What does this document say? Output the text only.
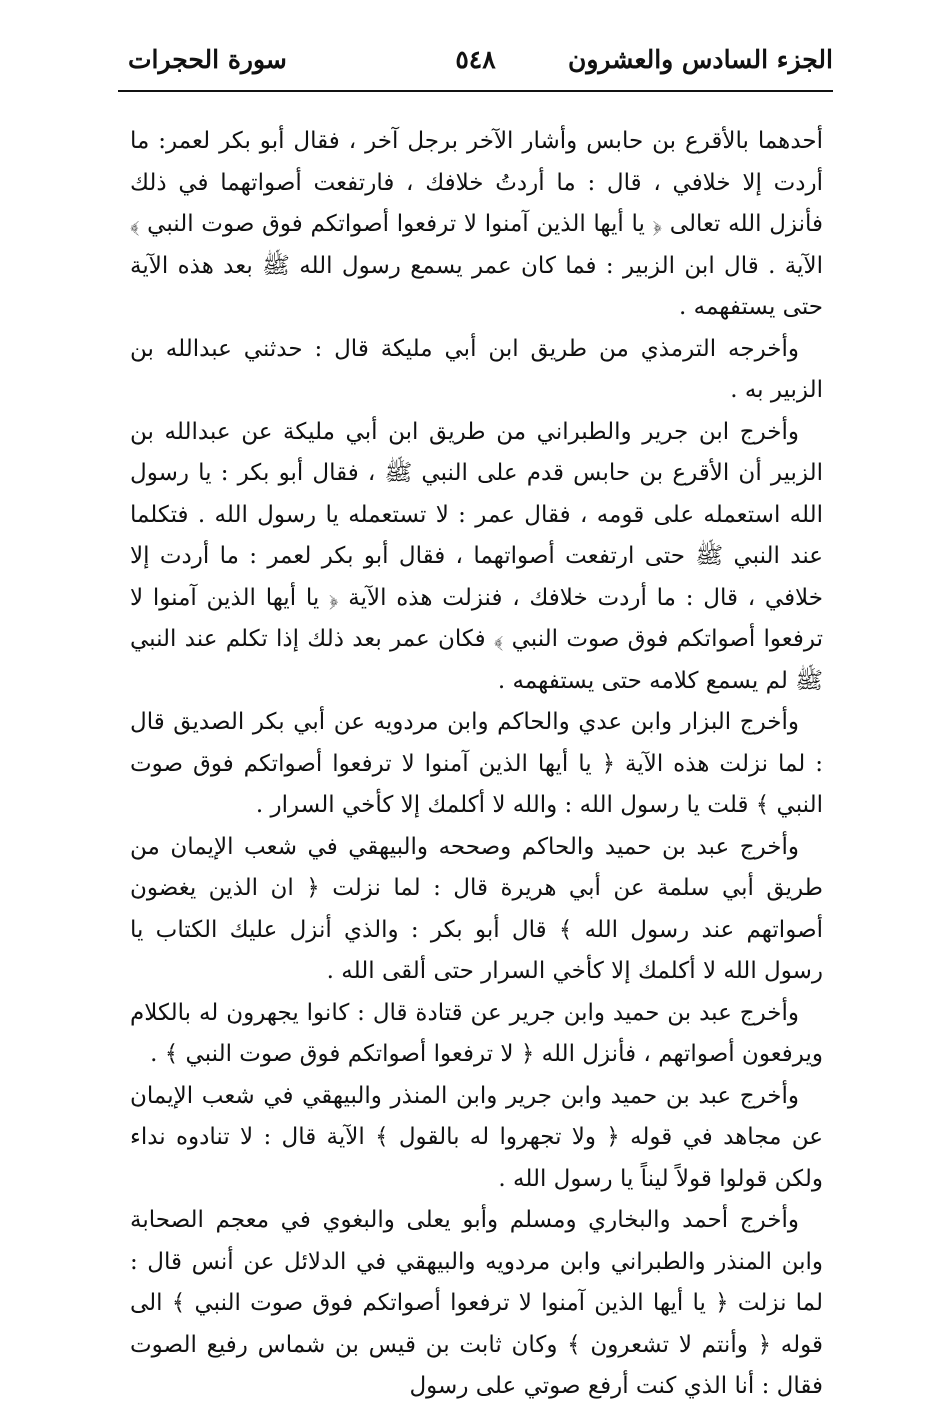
الجزء السادس والعشرون
٥٤٨
سورة الحجرات

أحدهما بالأقرع بن حابس وأشار الآخر برجل آخر ، فقال أبو بكر لعمر: ما أردت إلا خلافي ، قال : ما أردتُ خلافك ، فارتفعت أصواتهما في ذلك فأنزل الله تعالى ﴿ يا أيها الذين آمنوا لا ترفعوا أصواتكم فوق صوت النبي ﴾ الآية . قال ابن الزبير : فما كان عمر يسمع رسول الله ﷺ بعد هذه الآية حتى يستفهمه .

وأخرجه الترمذي من طريق ابن أبي مليكة قال : حدثني عبدالله بن الزبير به .

وأخرج ابن جرير والطبراني من طريق ابن أبي مليكة عن عبدالله بن الزبير أن الأقرع بن حابس قدم على النبي ﷺ ، فقال أبو بكر : يا رسول الله استعمله على قومه ، فقال عمر : لا تستعمله يا رسول الله . فتكلما عند النبي ﷺ حتى ارتفعت أصواتهما ، فقال أبو بكر لعمر : ما أردت إلا خلافي ، قال : ما أردت خلافك ، فنزلت هذه الآية ﴿ يا أيها الذين آمنوا لا ترفعوا أصواتكم فوق صوت النبي ﴾ فكان عمر بعد ذلك إذا تكلم عند النبي ﷺ لم يسمع كلامه حتى يستفهمه .

وأخرج البزار وابن عدي والحاكم وابن مردويه عن أبي بكر الصديق قال : لما نزلت هذه الآية ﴿ يا أيها الذين آمنوا لا ترفعوا أصواتكم فوق صوت النبي ﴾ قلت يا رسول الله : والله لا أكلمك إلا كأخي السرار .

وأخرج عبد بن حميد والحاكم وصححه والبيهقي في شعب الإيمان من طريق أبي سلمة عن أبي هريرة قال : لما نزلت ﴿ ان الذين يغضون أصواتهم عند رسول الله ﴾ قال أبو بكر : والذي أنزل عليك الكتاب يا رسول الله لا أكلمك إلا كأخي السرار حتى ألقى الله .

وأخرج عبد بن حميد وابن جرير عن قتادة قال : كانوا يجهرون له بالكلام ويرفعون أصواتهم ، فأنزل الله ﴿ لا ترفعوا أصواتكم فوق صوت النبي ﴾ .

وأخرج عبد بن حميد وابن جرير وابن المنذر والبيهقي في شعب الإيمان عن مجاهد في قوله ﴿ ولا تجهروا له بالقول ﴾ الآية قال : لا تنادوه نداء ولكن قولوا قولاً ليناً يا رسول الله .

وأخرج أحمد والبخاري ومسلم وأبو يعلى والبغوي في معجم الصحابة وابن المنذر والطبراني وابن مردويه والبيهقي في الدلائل عن أنس قال : لما نزلت ﴿ يا أيها الذين آمنوا لا ترفعوا أصواتكم فوق صوت النبي ﴾ الى قوله ﴿ وأنتم لا تشعرون ﴾ وكان ثابت بن قيس بن شماس رفيع الصوت فقال : أنا الذي كنت أرفع صوتي على رسول
